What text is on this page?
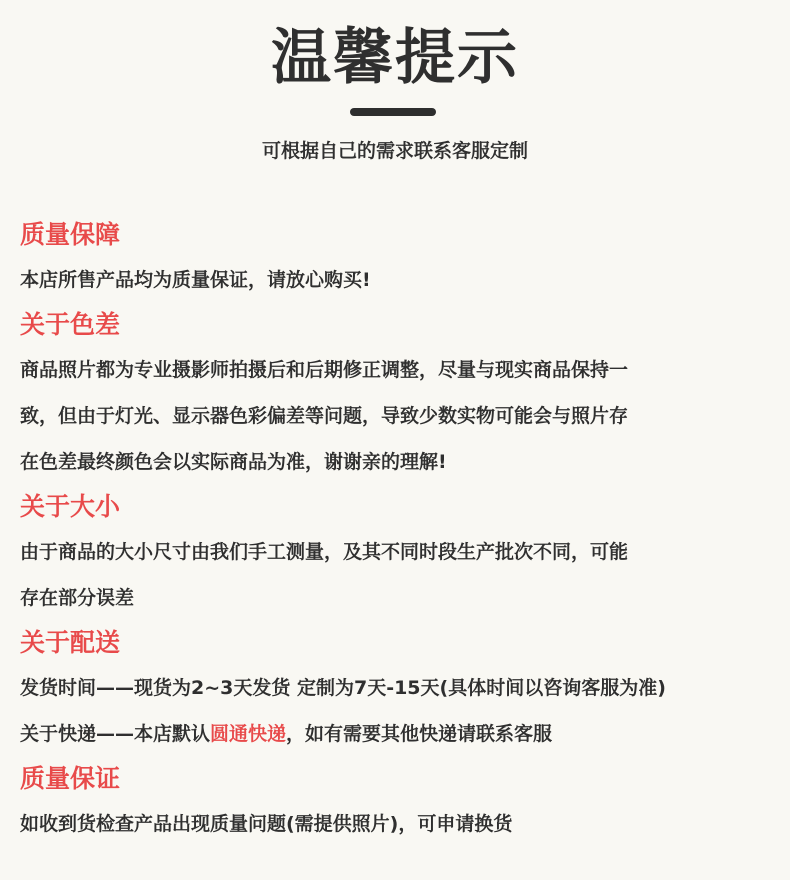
温馨提示
可根据自己的需求联系客服定制
质量保障
本店所售产品均为质量保证，请放心购买!
关于色差
商品照片都为专业摄影师拍摄后和后期修正调整，尽量与现实商品保持一
致，但由于灯光、显示器色彩偏差等问题，导致少数实物可能会与照片存
在色差最终颜色会以实际商品为准，谢谢亲的理解!
关于大小
由于商品的大小尺寸由我们手工测量，及其不同时段生产批次不同，可能
存在部分误差
关于配送
发货时间——现货为2~3天发货 定制为7天-15天(具体时间以咨询客服为准)
关于快递——本店默认圆通快递，如有需要其他快递请联系客服
质量保证
如收到货检查产品出现质量问题(需提供照片)，可申请换货
